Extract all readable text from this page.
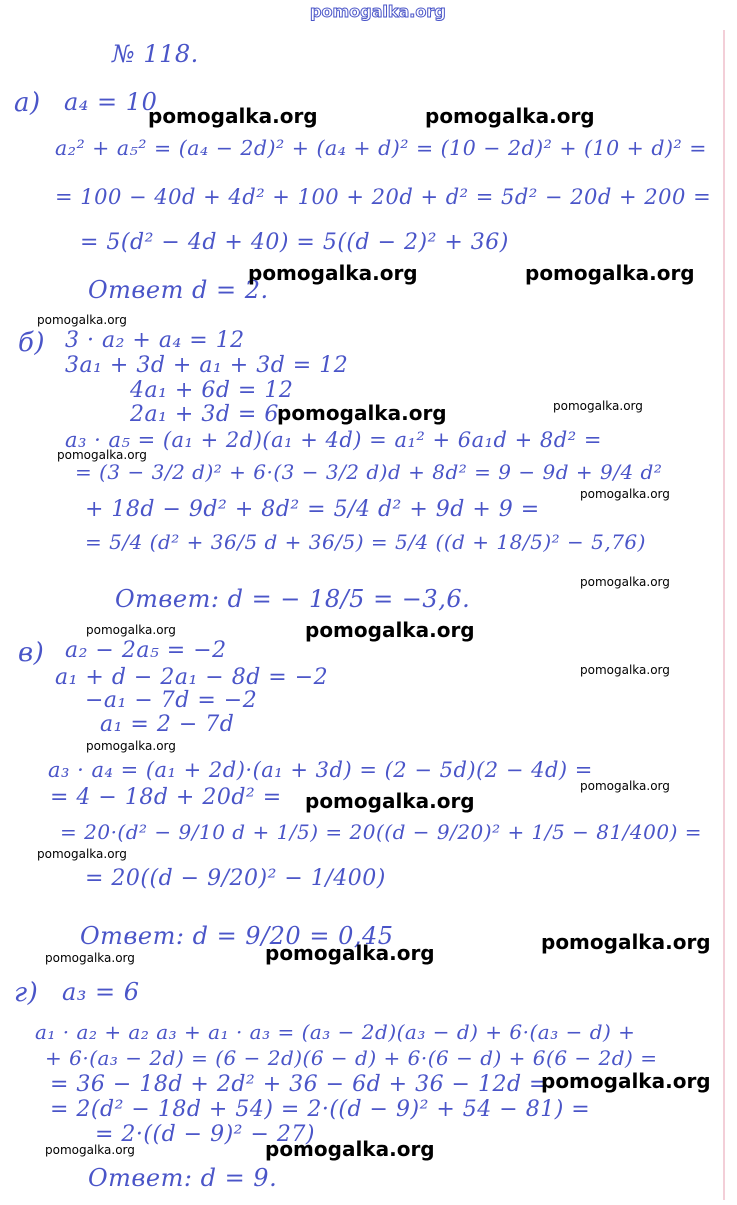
pomogalka.org
№ 118.
а) a₄ = 10
a₂² + a₅² = (a₄ − 2d)² + (a₄ + d)² = (10 − 2d)² + (10 + d)² =
= 100 − 40d + 4d² + 100 + 20d + d² = 5d² − 20d + 200 =
= 5(d² − 4d + 40) = 5((d − 2)² + 36)
Ответ d = 2.
б) 3 · a₂ + a₄ = 12
3a₁ + 3d + a₁ + 3d = 12
4a₁ + 6d = 12
2a₁ + 3d = 6
a₃ · a₅ = (a₁ + 2d)(a₁ + 4d) = a₁² + 6a₁d + 8d² =
= (3 − 3/2 d)² + 6·(3 − 3/2 d)d + 8d² = 9 − 9d + 9/4 d²
+ 18d − 9d² + 8d² = 5/4 d² + 9d + 9 =
= 5/4 (d² + 36/5 d + 36/5) = 5/4 ((d + 18/5)² − 5,76)
Ответ: d = − 18/5 = −3,6.
в) a₂ − 2a₅ = −2
a₁ + d − 2a₁ − 8d = −2
−a₁ − 7d = −2
a₁ = 2 − 7d
a₃ · a₄ = (a₁ + 2d)·(a₁ + 3d) = (2 − 5d)(2 − 4d) =
= 4 − 18d + 20d² =
= 20·(d² − 9/10 d + 1/5) = 20((d − 9/20)² + 1/5 − 81/400) =
= 20((d − 9/20)² − 1/400)
Ответ: d = 9/20 = 0,45
г) a₃ = 6
a₁ · a₂ + a₂ a₃ + a₁ · a₃ = (a₃ − 2d)(a₃ − d) + 6·(a₃ − d) +
+ 6·(a₃ − 2d) = (6 − 2d)(6 − d) + 6·(6 − d) + 6(6 − 2d) =
= 36 − 18d + 2d² + 36 − 6d + 36 − 12d =
= 2(d² − 18d + 54) = 2·((d − 9)² + 54 − 81) =
= 2·((d − 9)² − 27)
Ответ: d = 9.
pomogalka.org	pomogalka.org
pomogalka.org	pomogalka.org
pomogalka.org
pomogalka.org	pomogalka.org
pomogalka.org
pomogalka.org
pomogalka.org
pomogalka.org	pomogalka.org
pomogalka.org
pomogalka.org
pomogalka.org
pomogalka.org
pomogalka.org
pomogalka.org
pomogalka.org
pomogalka.org
pomogalka.org
pomogalka.org	pomogalka.org
